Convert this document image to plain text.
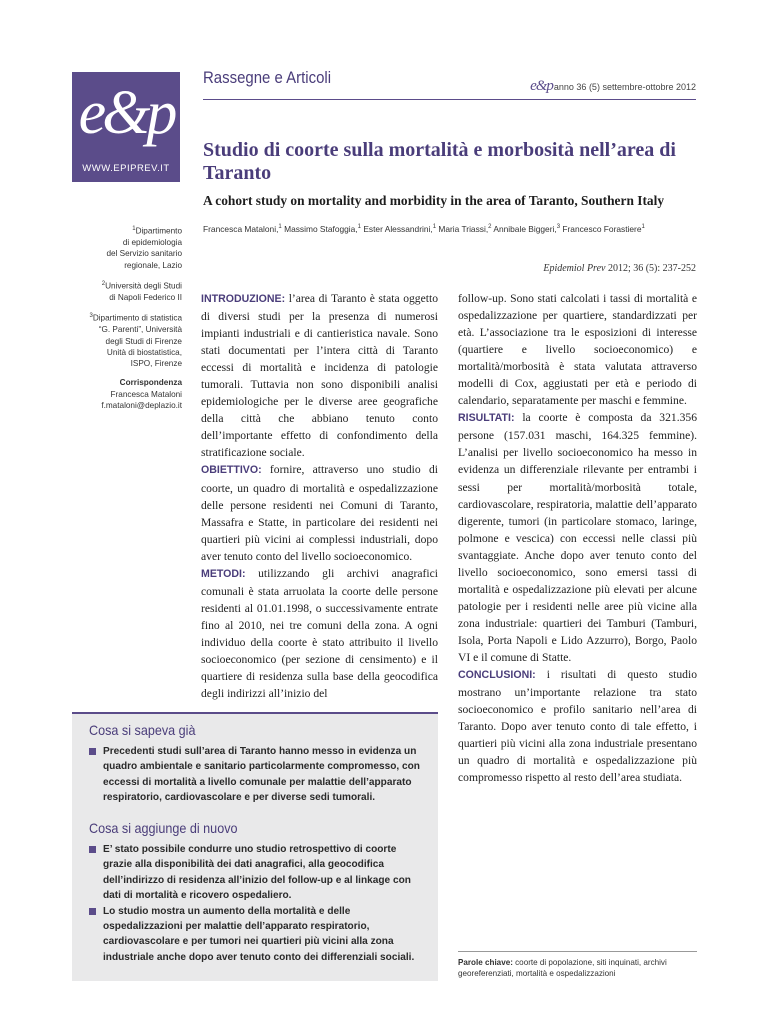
e&p
WWW.EPIPREV.IT
Rassegne e Articoli	e&panno 36 (5) settembre-ottobre 2012
Studio di coorte sulla mortalità e morbosità nell’area di Taranto
A cohort study on mortality and morbidity in the area of Taranto, Southern Italy
Francesca Mataloni,$^1$ Massimo Stafoggia,$^1$ Ester Alessandrini,$^1$ Maria Triassi,$^2$ Annibale Biggeri,$^3$ Francesco Forastiere$^1$
Epidemiol Prev 2012; 36 (5): 237-252
$^1$Dipartimento
di epidemiologia
del Servizio sanitario
regionale, Lazio
$^2$Università degli Studi
di Napoli Federico II
$^3$Dipartimento di statistica
“G. Parenti”, Università
degli Studi di Firenze
Unità di biostatistica,
ISPO, Firenze
Corrispondenza
Francesca Mataloni
f.mataloni@deplazio.it

INTRODUZIONE: l’area di Taranto è stata oggetto di diversi studi per la presenza di numerosi impianti industriali e di cantieristica navale. Sono stati documentati per l’intera città di Taranto eccessi di mortalità e incidenza di patologie tumorali. Tuttavia non sono disponibili analisi epidemiologiche per le diverse aree geografiche della città che abbiano tenuto conto dell’importante effetto di confondimento della stratificazione sociale.

OBIETTIVO: fornire, attraverso uno studio di coorte, un quadro di mortalità e ospedalizzazione delle persone residenti nei Comuni di Taranto, Massafra e Statte, in particolare dei residenti nei quartieri più vicini ai complessi industriali, dopo aver tenuto conto del livello socioeconomico.

METODI: utilizzando gli archivi anagrafici comunali è stata arruolata la coorte delle persone residenti al 01.01.1998, o successivamente entrate fino al 2010, nei tre comuni della zona. A ogni individuo della coorte è stato attribuito il livello socioeconomico (per sezione di censimento) e il quartiere di residenza sulla base della geocodifica degli indirizzi all’inizio del

follow-up. Sono stati calcolati i tassi di mortalità e ospedalizzazione per quartiere, standardizzati per età. L’associazione tra le esposizioni di interesse (quartiere e livello socioeconomico) e mortalità/morbosità è stata valutata attraverso modelli di Cox, aggiustati per età e periodo di calendario, separatamente per maschi e femmine.

RISULTATI: la coorte è composta da 321.356 persone (157.031 maschi, 164.325 femmine). L’analisi per livello socioeconomico ha messo in evidenza un differenziale rilevante per entrambi i sessi per mortalità/morbosità totale, cardiovascolare, respiratoria, malattie dell’apparato digerente, tumori (in particolare stomaco, laringe, polmone e vescica) con eccessi nelle classi più svantaggiate. Anche dopo aver tenuto conto del livello socioeconomico, sono emersi tassi di mortalità e ospedalizzazione più elevati per alcune patologie per i residenti nelle aree più vicine alla zona industriale: quartieri dei Tamburi (Tamburi, Isola, Porta Napoli e Lido Azzurro), Borgo, Paolo VI e il comune di Statte.

CONCLUSIONI: i risultati di questo studio mostrano un’importante relazione tra stato socioeconomico e profilo sanitario nell’area di Taranto. Dopo aver tenuto conto di tale effetto, i quartieri più vicini alla zona industriale presentano un quadro di mortalità e ospedalizzazione più compromesso rispetto al resto dell’area studiata.

Cosa si sapeva già
Precedenti studi sull’area di Taranto hanno messo in evidenza un quadro ambientale e sanitario particolarmente compromesso, con eccessi di mortalità a livello comunale per malattie dell’apparato respiratorio, cardiovascolare e per diverse sedi tumorali.
Cosa si aggiunge di nuovo
E’ stato possibile condurre uno studio retrospettivo di coorte grazie alla disponibilità dei dati anagrafici, alla geocodifica dell’indirizzo di residenza all’inizio del follow-up e al linkage con dati di mortalità e ricovero ospedaliero.
Lo studio mostra un aumento della mortalità e delle ospedalizzazioni per malattie dell’apparato respiratorio, cardiovascolare e per tumori nei quartieri più vicini alla zona industriale anche dopo aver tenuto conto dei differenziali sociali.	Parole chiave: coorte di popolazione, siti inquinati, archivi georeferenziati, mortalità e ospedalizzazioni
